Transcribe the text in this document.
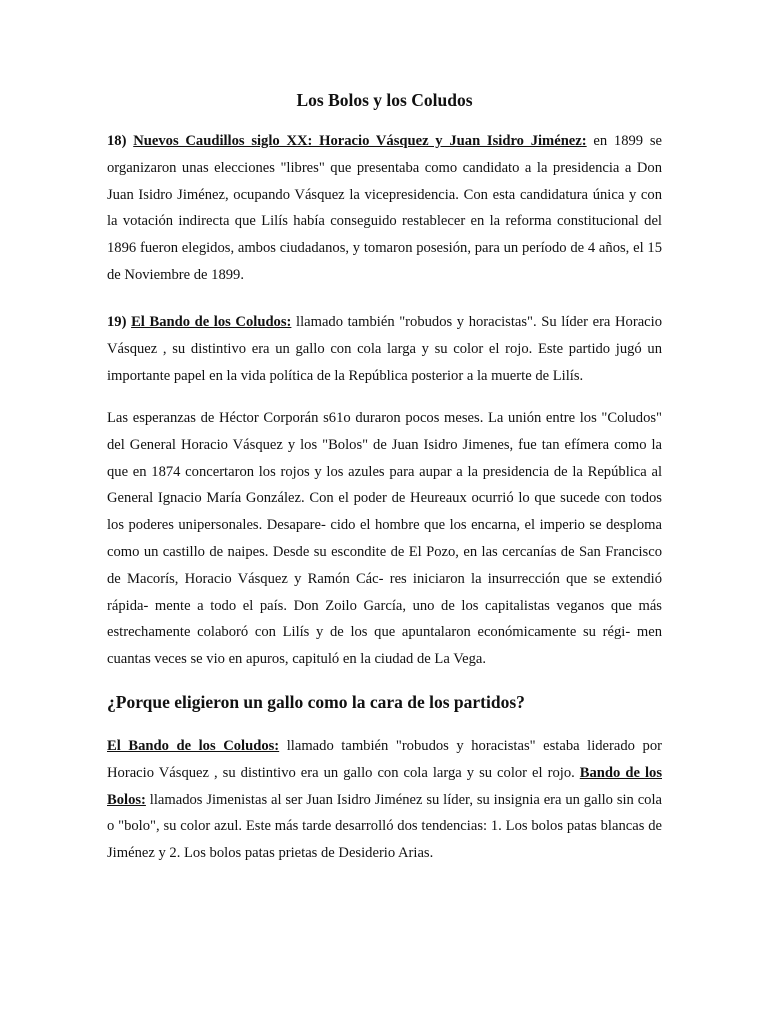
Los Bolos y los Coludos

18) Nuevos Caudillos siglo XX: Horacio Vásquez y Juan Isidro Jiménez: en 1899 se organizaron unas elecciones "libres" que presentaba como candidato a la presidencia a Don Juan Isidro Jiménez, ocupando Vásquez la vicepresidencia. Con esta candidatura única y con la votación indirecta que Lilís había conseguido restablecer en la reforma constitucional del 1896 fueron elegidos, ambos ciudadanos, y tomaron posesión, para un período de 4 años, el 15 de Noviembre de 1899.

19) El Bando de los Coludos: llamado también "robudos y horacistas". Su líder era Horacio Vásquez , su distintivo era un gallo con cola larga y su color el rojo. Este partido jugó un importante papel en la vida política de la República posterior a la muerte de Lilís.

Las esperanzas de Héctor Corporán s61o duraron pocos meses. La unión entre los "Coludos" del General Horacio Vásquez y los "Bolos" de Juan Isidro Jimenes, fue tan efímera como la que en 1874 concertaron los rojos y los azules para aupar a la presidencia de la República al General Ignacio María González. Con el poder de Heureaux ocurrió lo que sucede con todos los poderes unipersonales. Desapare- cido el hombre que los encarna, el imperio se desploma como un castillo de naipes. Desde su escondite de El Pozo, en las cercanías de San Francisco de Macorís, Horacio Vásquez y Ramón Các- res iniciaron la insurrección que se extendió rápida- mente a todo el país. Don Zoilo García, uno de los capitalistas veganos que más estrechamente colaboró con Lilís y de los que apuntalaron económicamente su régi- men cuantas veces se vio en apuros, capituló en la ciudad de La Vega.

¿Porque eligieron un gallo como la cara de los partidos?

El Bando de los Coludos: llamado también "robudos y horacistas" estaba liderado por Horacio Vásquez , su distintivo era un gallo con cola larga y su color el rojo. Bando de los Bolos: llamados Jimenistas al ser Juan Isidro Jiménez su líder, su insignia era un gallo sin cola o "bolo", su color azul. Este más tarde desarrolló dos tendencias: 1. Los bolos patas blancas de Jiménez y 2. Los bolos patas prietas de Desiderio Arias.
